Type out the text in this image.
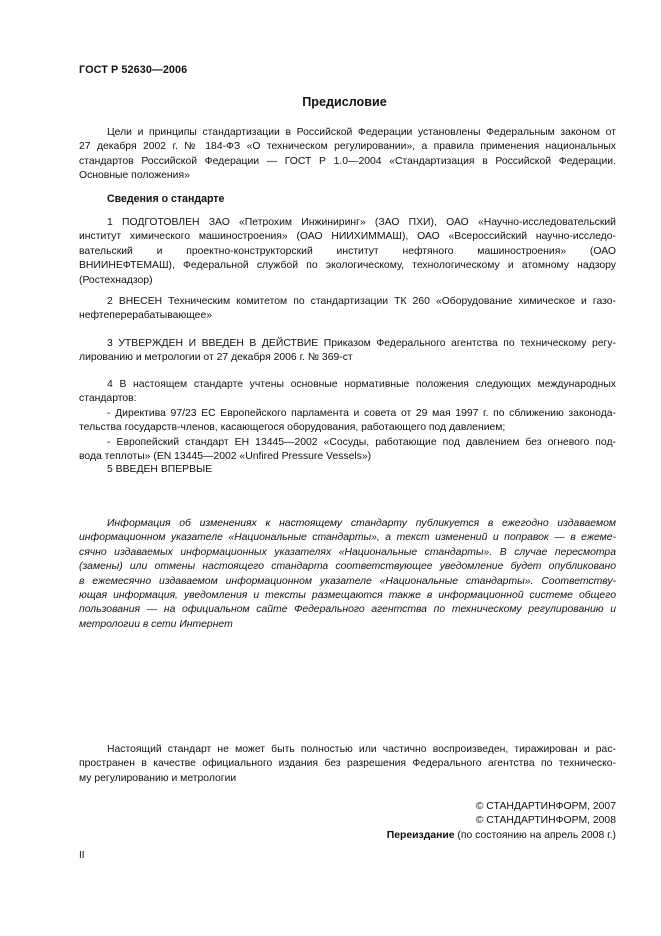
ГОСТ Р 52630—2006
Предисловие
Цели и принципы стандартизации в Российской Федерации установлены Федеральным законом от
27 декабря 2002 г. № 184-ФЗ «О техническом регулировании», а правила применения национальных
стандартов Российской Федерации — ГОСТ Р 1.0—2004 «Стандартизация в Российской Федерации.
Основные положения»
Сведения о стандарте
1 ПОДГОТОВЛЕН ЗАО «Петрохим Инжиниринг» (ЗАО ПХИ), ОАО «Научно-исследовательский
институт химического машиностроения» (ОАО НИИХИММАШ), ОАО «Всероссийский научно-исследо-
вательский и проектно-конструкторский институт нефтяного машиностроения» (ОАО
ВНИИНЕФТЕМАШ), Федеральной службой по экологическому, технологическому и атомному надзору
(Ростехнадзор)
2 ВНЕСЕН Техническим комитетом по стандартизации ТК 260 «Оборудование химическое и газо-
нефтеперерабатывающее»
3 УТВЕРЖДЕН И ВВЕДЕН В ДЕЙСТВИЕ Приказом Федерального агентства по техническому регу-
лированию и метрологии от 27 декабря 2006 г. № 369-ст
4 В настоящем стандарте учтены основные нормативные положения следующих международных
стандартов:
- Директива 97/23 ЕС Европейского парламента и совета от 29 мая 1997 г. по сближению законода-
тельства государств-членов, касающегося оборудования, работающего под давлением;
- Европейский стандарт ЕН 13445—2002 «Сосуды, работающие под давлением без огневого под-
вода теплоты» (EN 13445—2002 «Unfired Pressure Vessels»)
5 ВВЕДЕН ВПЕРВЫЕ
Информация об изменениях к настоящему стандарту публикуется в ежегодно издаваемом
информационном указателе «Национальные стандарты», а текст изменений и поправок — в ежеме-
сячно издаваемых информационных указателях «Национальные стандарты». В случае пересмотра
(замены) или отмены настоящего стандарта соответствующее уведомление будет опубликовано
в ежемесячно издаваемом информационном указателе «Национальные стандарты». Соответству-
ющая информация, уведомления и тексты размещаются также в информационной системе общего
пользования — на официальном сайте Федерального агентства по техническому регулированию и
метрологии в сети Интернет
Настоящий стандарт не может быть полностью или частично воспроизведен, тиражирован и рас-
пространен в качестве официального издания без разрешения Федерального агентства по техническо-
му регулированию и метрологии
© СТАНДАРТИНФОРМ, 2007
© СТАНДАРТИНФОРМ, 2008
Переиздание (по состоянию на апрель 2008 г.)
II
